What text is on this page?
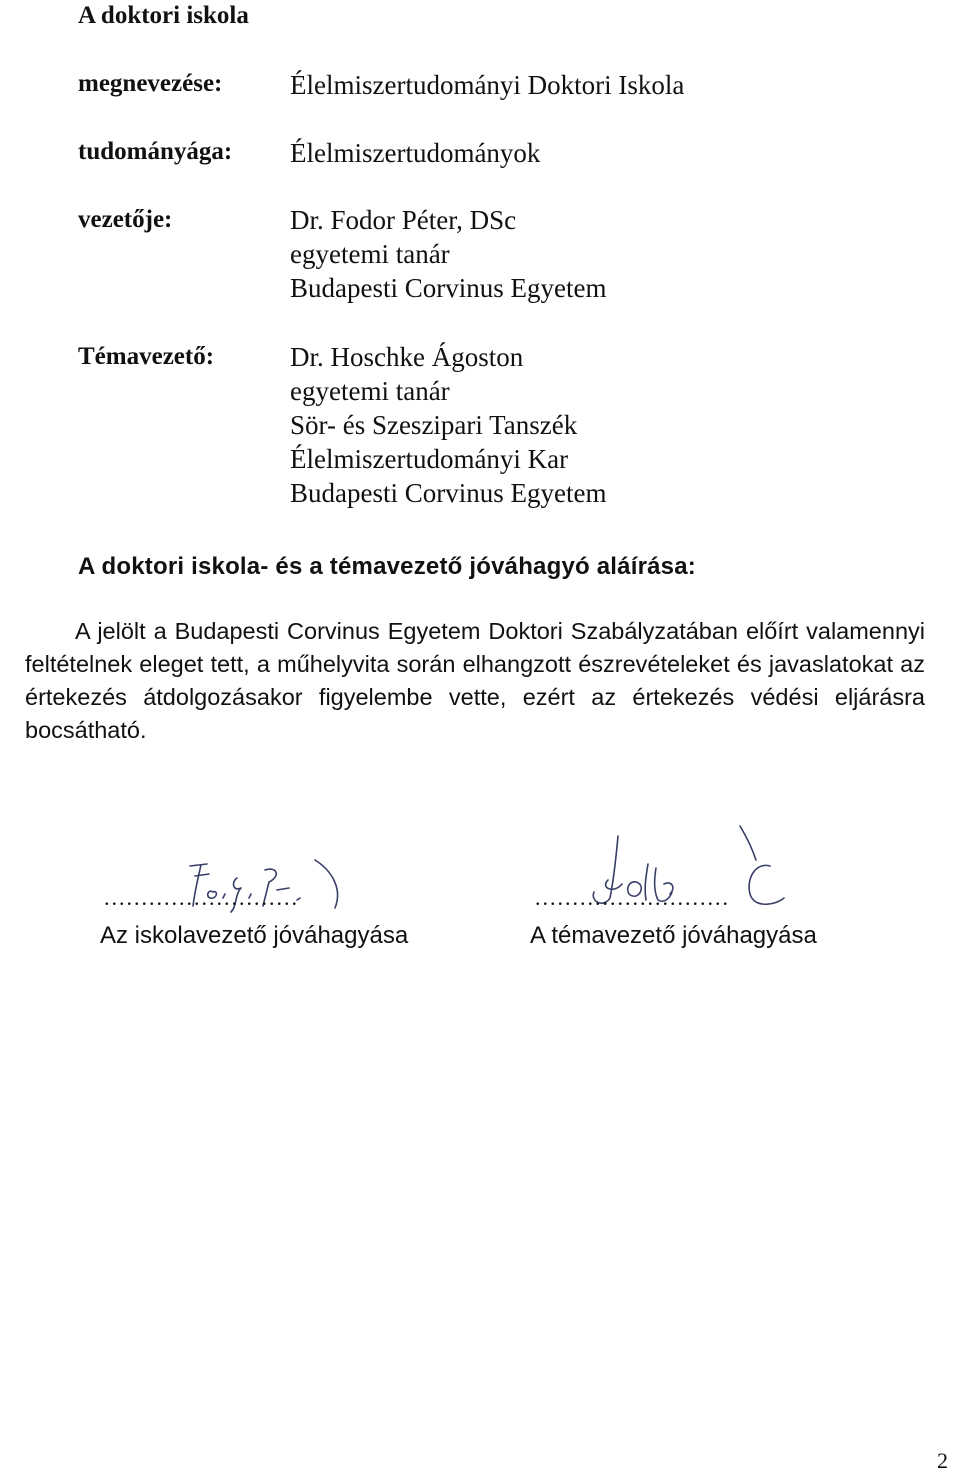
A doktori iskola
megnevezése:	Élelmiszertudományi Doktori Iskola
tudományága: Élelmiszertudományok
vezetője:	Dr. Fodor Péter, DSc
egyetemi tanár
Budapesti Corvinus Egyetem
Témavezető:	Dr. Hoschke Ágoston
egyetemi tanár
Sör- és Szeszipari Tanszék
Élelmiszertudományi Kar
Budapesti Corvinus Egyetem
A doktori iskola- és a témavezető jóváhagyó aláírása:
A jelölt a Budapesti Corvinus Egyetem Doktori Szabályzatában előírt valamennyi feltételnek eleget tett, a műhelyvita során elhangzott észrevételeket és javaslatokat az értekezés átdolgozásakor figyelembe vette, ezért az értekezés védési eljárásra bocsátható.
..........................
Az iskolavezető jóváhagyása
..........................
A témavezető jóváhagyása
2
